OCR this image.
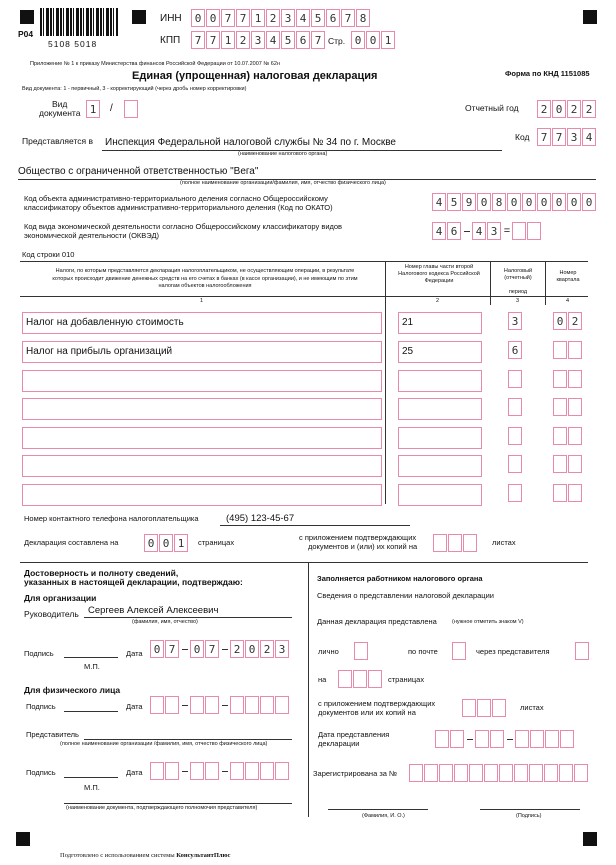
5108 5018
P04
ИНН	0 0 7 7 1 2 3 4 5 6 7 8
КПП	7 7 1 2 3 4 5 6 7 Стр. 0 0 1
Приложение № 1 к приказу Министерства финансов Российской Федерации от 10.07.2007 № 62н
Единая (упрощенная) налоговая декларация	Форма по КНД 1151085
Вид документа: 1 - первичный, 3 - корректирующий (через дробь номер корректировки)
Вид
документа 1	/	Отчетный год	2 0 2 2
Представляется в Инспекция Федеральной налоговой службы № 34 по г. Москве
(наименование налогового органа)
Код	7 7 3 4
Общество с ограниченной ответственностью "Вега"
(полное наименование организации/фамилия, имя, отчество физического лица)
Код объекта административно-территориального деления согласно Общероссийскому
классификатору объектов административно-территориального деления (Код по ОКАТО)	4 5 9 0 8 0 0 0 0 0 0
Код вида экономической деятельности согласно Общероссийскому классификатору видов
экономической деятельности (ОКВЭД)	4 6	4 3 =
Код строки 010
Налоги, по которым представляется декларация налогоплательщиком, не осуществляющим операции, в результате которых происходит движение денежных средств на его счетах в банках (в кассе организации), и не имеющим по этим налогам объектов налогообложения
Номер главы части второй Налогового кодекса Российской Федерации
Налоговый (отчетный)
период
Номер квартала
1	2	3	4
Налог на добавленную стоимость	21	3	0 2
Налог на прибыль организаций	25	6
Номер контактного телефона налогоплательщика	(495) 123-45-67
Декларация составлена на	0 0 1	страницах
с приложением подтверждающих
документов и (или) их копий на	листах
Достоверность и полноту сведений,
указанных в настоящей декларации, подтверждаю:
Для организации
Руководитель Сергеев Алексей Алексеевич
(фамилия, имя, отчество)
Подпись
М.П.
Дата	0 7	0 7	2 0 2 3
Для физического лица
Подпись	Дата
Представитель
(полное наименование организации /фамилия, имя, отчество физического лица)
Подпись
М.П.
Дата
(наименование документа, подтверждающего полномочия представителя)
Заполняется работником налогового органа
Сведения о представлении налоговой декларации
Данная декларация представлена	(нужное отметить знаком V)
лично	по почте	через представителя
на	страницах
с приложением подтверждающих
документов или их копий на
листах
Дата представления
декларации
Зарегистрирована за №
(Фамилия, И. О.)	(Подпись)
Подготовлено с использованием системы КонсультантПлюс
